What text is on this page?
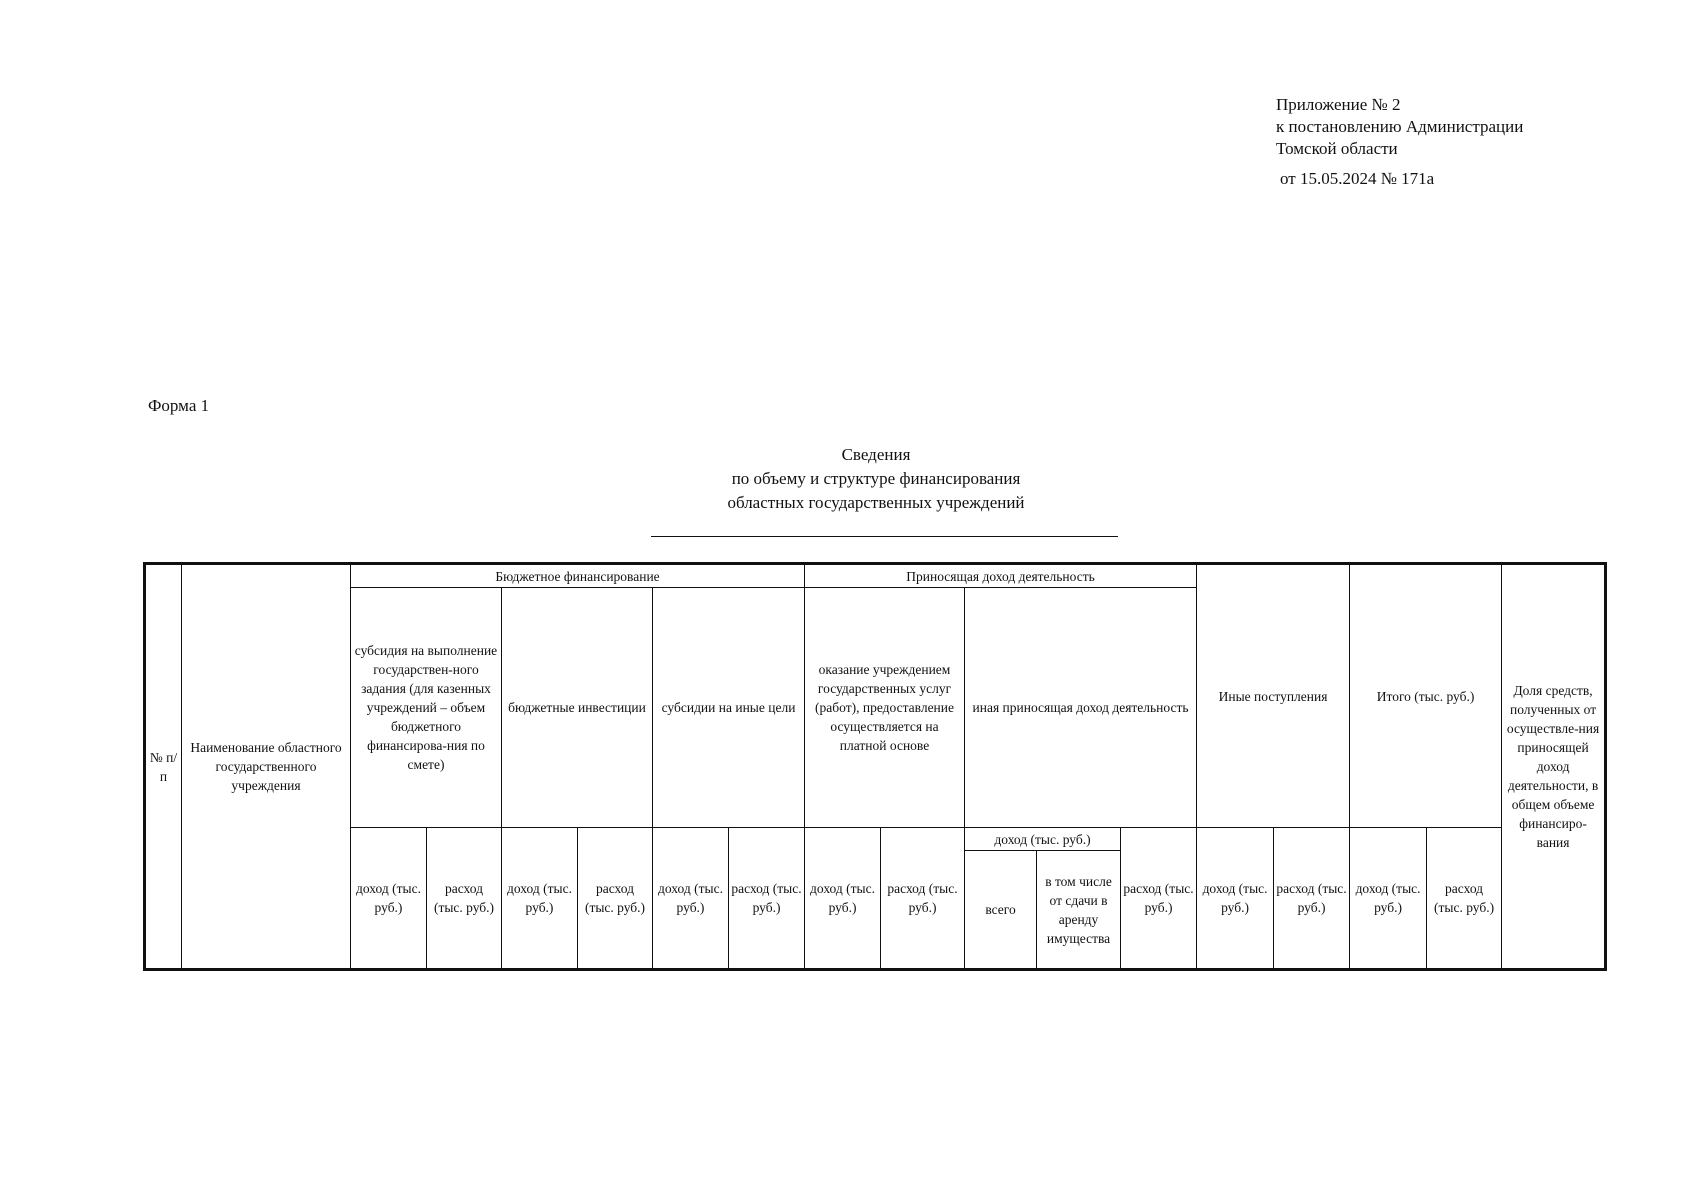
Приложение № 2
к постановлению Администрации
Томской области
от 15.05.2024 № 171а
Форма 1
Сведения
по объему и структуре финансирования
областных государственных учреждений
№ п/п	Наименование областного государственного учреждения	Бюджетное финансирование						Приносящая доход деятельность					Иные поступления		Итого (тыс. руб.)		Доля средств, полученных от осуществле-ния приносящей доход деятельности, в общем объеме финансиро-вания
		субсидия на выполнение государствен-ного задания (для казенных учреждений – объем бюджетного финансирова-ния по смете)		бюджетные инвестиции		субсидии на иные цели		оказание учреждением государственных услуг (работ), предоставление осуществляется на платной основе		иная приносящая доход деятельность							
		доход (тыс. руб.)	расход (тыс. руб.)	доход (тыс. руб.)	расход (тыс. руб.)	доход (тыс. руб.)	расход (тыс. руб.)	доход (тыс. руб.)	расход (тыс. руб.)	доход (тыс. руб.)		расход (тыс. руб.)	доход (тыс. руб.)	расход (тыс. руб.)	доход (тыс. руб.)	расход (тыс. руб.)	
										всего	в том числе от сдачи в аренду имущества						
